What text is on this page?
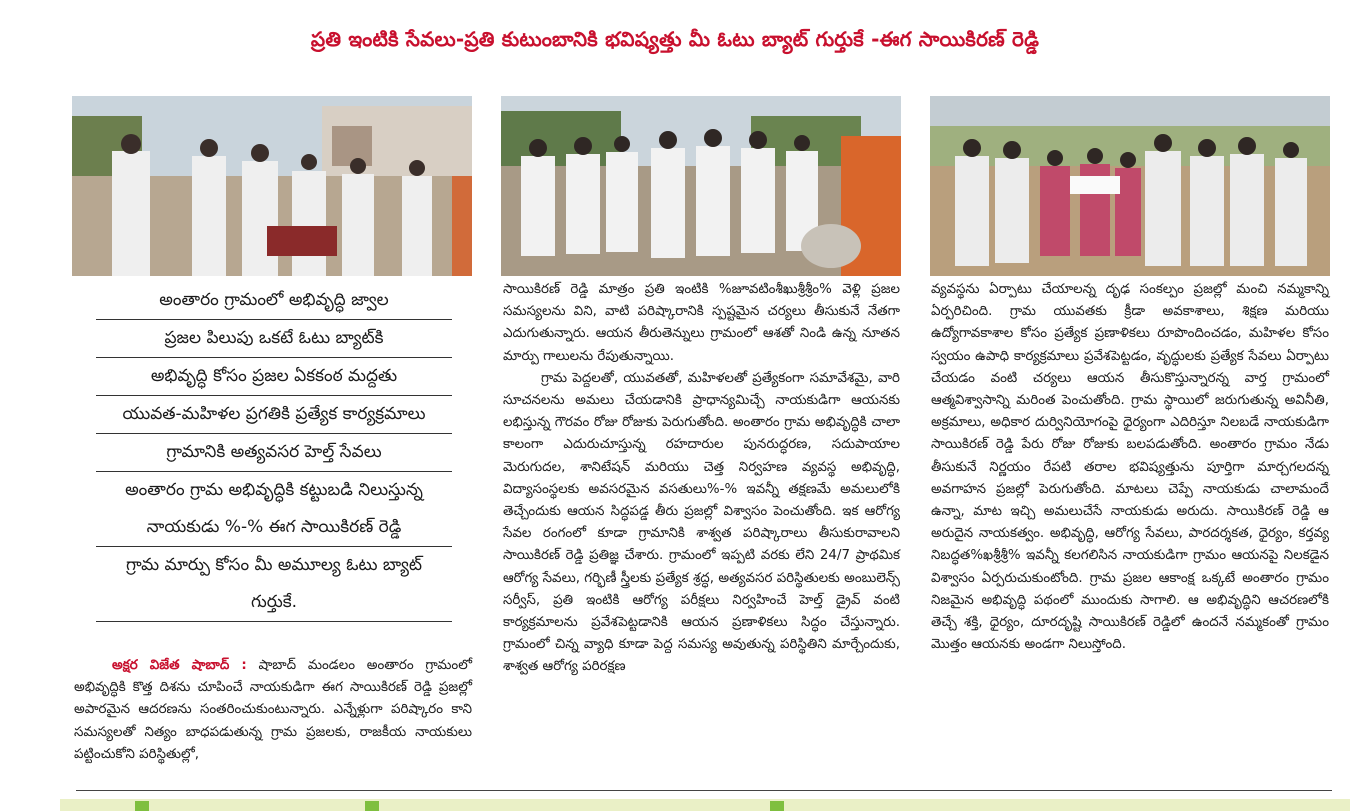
ప్రతి ఇంటికి సేవలు-ప్రతి కుటుంబానికి భవిష్యత్తు మీ ఓటు బ్యాట్ గుర్తుకే -ఈగ సాయికిరణ్ రెడ్డి
అంతారం గ్రామంలో అభివృద్ధి జ్వాల
ప్రజల పిలుపు ఒకటే ఓటు బ్యాట్‌కి
అభివృద్ధి కోసం ప్రజల ఏకకంఠ మద్దతు
యువత-మహిళల ప్రగతికి ప్రత్యేక కార్యక్రమాలు
గ్రామానికి అత్యవసర హెల్త్ సేవలు
అంతారం గ్రామ అభివృద్ధికి కట్టుబడి నిలుస్తున్న
నాయకుడు %-% ఈగ సాయికిరణ్ రెడ్డి
గ్రామ మార్పు కోసం మీ అమూల్య ఓటు బ్యాట్
గుర్తుకే.

అక్షర విజేత షాబాద్ : షాబాద్ మండలం అంతారం గ్రామంలో అభివృద్ధికి కొత్త దిశను చూపించే నాయకుడిగా ఈగ సాయికిరణ్ రెడ్డి ప్రజల్లో అపారమైన ఆదరణను సంతరించుకుంటున్నారు. ఎన్నేళ్లుగా పరిష్కారం కాని సమస్యలతో నిత్యం బాధపడుతున్న గ్రామ ప్రజలకు, రాజకీయ నాయకులు పట్టించుకోని పరిస్థితుల్లో,

సాయికిరణ్ రెడ్డి మాత్రం ప్రతి ఇంటికి %జూవటింశీఖుశ్రీశ్రీం% వెళ్లి ప్రజల సమస్యలను విని, వాటి పరిష్కారానికి స్పష్టమైన చర్యలు తీసుకునే నేతగా ఎదుగుతున్నారు. ఆయన తీరుతెన్నులు గ్రామంలో ఆశతో నిండి ఉన్న నూతన మార్పు గాలులను రేపుతున్నాయి.

గ్రామ పెద్దలతో, యువతతో, మహిళలతో ప్రత్యేకంగా సమావేశమై, వారి సూచనలను అమలు చేయడానికి ప్రాధాన్యమిచ్చే నాయకుడిగా ఆయనకు లభిస్తున్న గౌరవం రోజు రోజుకు పెరుగుతోంది. అంతారం గ్రామ అభివృద్ధికి చాలా కాలంగా ఎదురుచూస్తున్న రహదారుల పునరుద్ధరణ, సదుపాయాల మెరుగుదల, శానిటేషన్ మరియు చెత్త నిర్వహణ వ్యవస్థ అభివృద్ధి, విద్యాసంస్థలకు అవసరమైన వసతులు%-% ఇవన్నీ తక్షణమే అమలులోకి తెచ్చేందుకు ఆయన సిద్ధపడ్డ తీరు ప్రజల్లో విశ్వాసం పెంచుతోంది. ఇక ఆరోగ్య సేవల రంగంలో కూడా గ్రామానికి శాశ్వత పరిష్కారాలు తీసుకురావాలని సాయికిరణ్ రెడ్డి ప్రతిజ్ఞ చేశారు. గ్రామంలో ఇప్పటి వరకు లేని 24/7 ప్రాథమిక ఆరోగ్య సేవలు, గర్భిణీ స్త్రీలకు ప్రత్యేక శ్రద్ధ, అత్యవసర పరిస్థితులకు అంబులెన్స్ సర్వీస్, ప్రతి ఇంటికి ఆరోగ్య పరీక్షలు నిర్వహించే హెల్త్ డ్రైవ్ వంటి కార్యక్రమాలను ప్రవేశపెట్టడానికి ఆయన ప్రణాళికలు సిద్ధం చేస్తున్నారు. గ్రామంలో చిన్న వ్యాధి కూడా పెద్ద సమస్య అవుతున్న పరిస్థితిని మార్చేందుకు, శాశ్వత ఆరోగ్య పరిరక్షణ

వ్యవస్థను ఏర్పాటు చేయాలన్న దృఢ సంకల్పం ప్రజల్లో మంచి నమ్మకాన్ని ఏర్పరిచింది. గ్రామ యువతకు క్రీడా అవకాశాలు, శిక్షణ మరియు ఉద్యోగావకాశాల కోసం ప్రత్యేక ప్రణాళికలు రూపొందించడం, మహిళల కోసం స్వయం ఉపాధి కార్యక్రమాలు ప్రవేశపెట్టడం, వృద్ధులకు ప్రత్యేక సేవలు ఏర్పాటు చేయడం వంటి చర్యలు ఆయన తీసుకొస్తున్నారన్న వార్త గ్రామంలో ఆత్మవిశ్వాసాన్ని మరింత పెంచుతోంది. గ్రామ స్థాయిలో జరుగుతున్న అవినీతి, అక్రమాలు, అధికార దుర్వినియోగంపై ధైర్యంగా ఎదిరిస్తూ నిలబడే నాయకుడిగా సాయికిరణ్ రెడ్డి పేరు రోజు రోజుకు బలపడుతోంది. అంతారం గ్రామం నేడు తీసుకునే నిర్ణయం రేపటి తరాల భవిష్యత్తును పూర్తిగా మార్చగలదన్న అవగాహన ప్రజల్లో పెరుగుతోంది. మాటలు చెప్పే నాయకుడు చాలామందే ఉన్నా, మాట ఇచ్చి అమలుచేసే నాయకుడు అరుదు. సాయికిరణ్ రెడ్డి ఆ అరుదైన నాయకత్వం. అభివృద్ధి, ఆరోగ్య సేవలు, పారదర్శకత, ధైర్యం, కర్తవ్య నిబద్ధత%ఖశ్రీశ్రీ% ఇవన్నీ కలగలిసిన నాయకుడిగా గ్రామం ఆయనపై నిలకడైన విశ్వాసం ఏర్పరుచుకుంటోంది. గ్రామ ప్రజల ఆకాంక్ష ఒక్కటే అంతారం గ్రామం నిజమైన అభివృద్ధి పథంలో ముందుకు సాగాలి. ఆ అభివృద్ధిని ఆచరణలోకి తెచ్చే శక్తి, ధైర్యం, దూరదృష్టి సాయికిరణ్ రెడ్డిలో ఉందనే నమ్మకంతో గ్రామం మొత్తం ఆయనకు అండగా నిలుస్తోంది.
